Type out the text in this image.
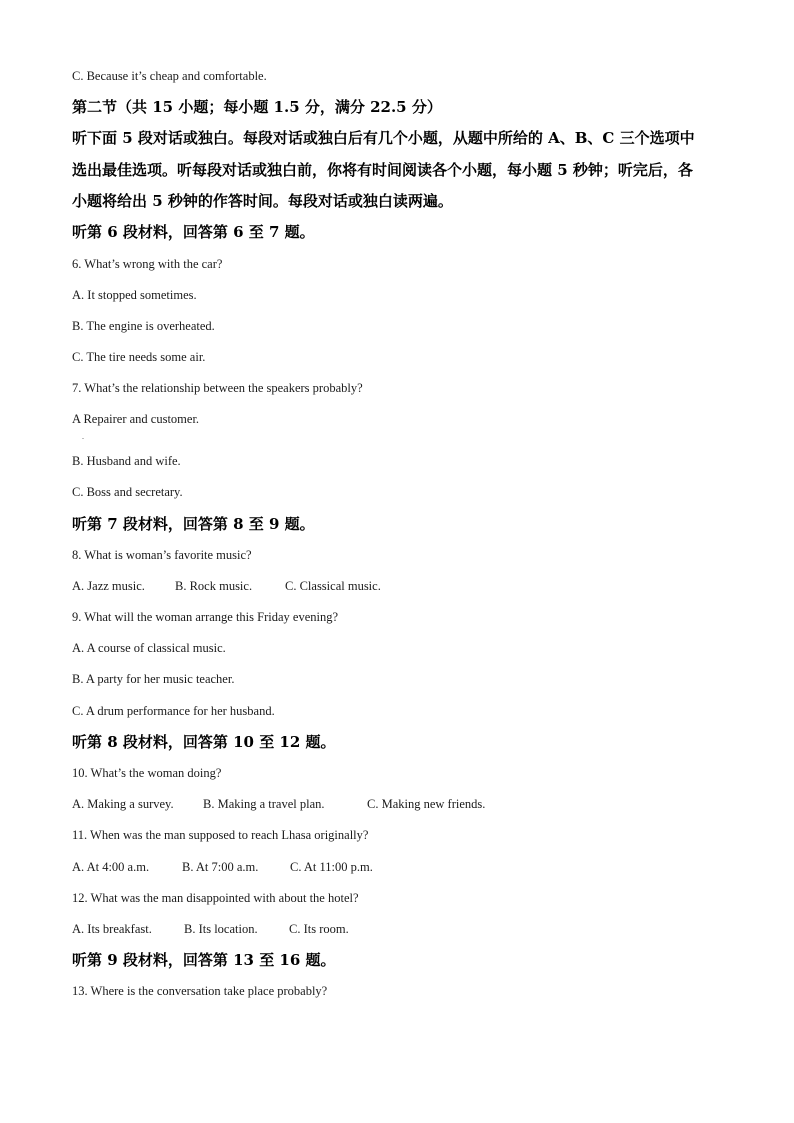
C. Because it’s cheap and comfortable.
第二节（共 15 小题；每小题 1.5 分，满分 22.5 分）
听下面 5 段对话或独白。每段对话或独白后有几个小题，从题中所给的 A、B、C 三个选项中
选出最佳选项。听每段对话或独白前，你将有时间阅读各个小题，每小题 5 秒钟；听完后，各
小题将给出 5 秒钟的作答时间。每段对话或独白读两遍。
听第 6 段材料，回答第 6 至 7 题。
6. What’s wrong with the car?
A. It stopped sometimes.
B. The engine is overheated.
C. The tire needs some air.
7. What’s the relationship between the speakers probably?
A Repairer and customer.
.
B. Husband and wife.
C. Boss and secretary.
听第 7 段材料，回答第 8 至 9 题。
8. What is woman’s favorite music?
A. Jazz music. B. Rock music.	C. Classical music.
9. What will the woman arrange this Friday evening?
A. A course of classical music.
B. A party for her music teacher.
C. A drum performance for her husband.
听第 8 段材料，回答第 10 至 12 题。
10. What’s the woman doing?
A. Making a survey. B. Making a travel plan.	C. Making new friends.
11. When was the man supposed to reach Lhasa originally?
A. At 4:00 a.m.	B. At 7:00 a.m.	C. At 11:00 p.m.
12. What was the man disappointed with about the hotel?
A. Its breakfast.	B. Its location.	C. Its room.
听第 9 段材料，回答第 13 至 16 题。
13. Where is the conversation take place probably?
